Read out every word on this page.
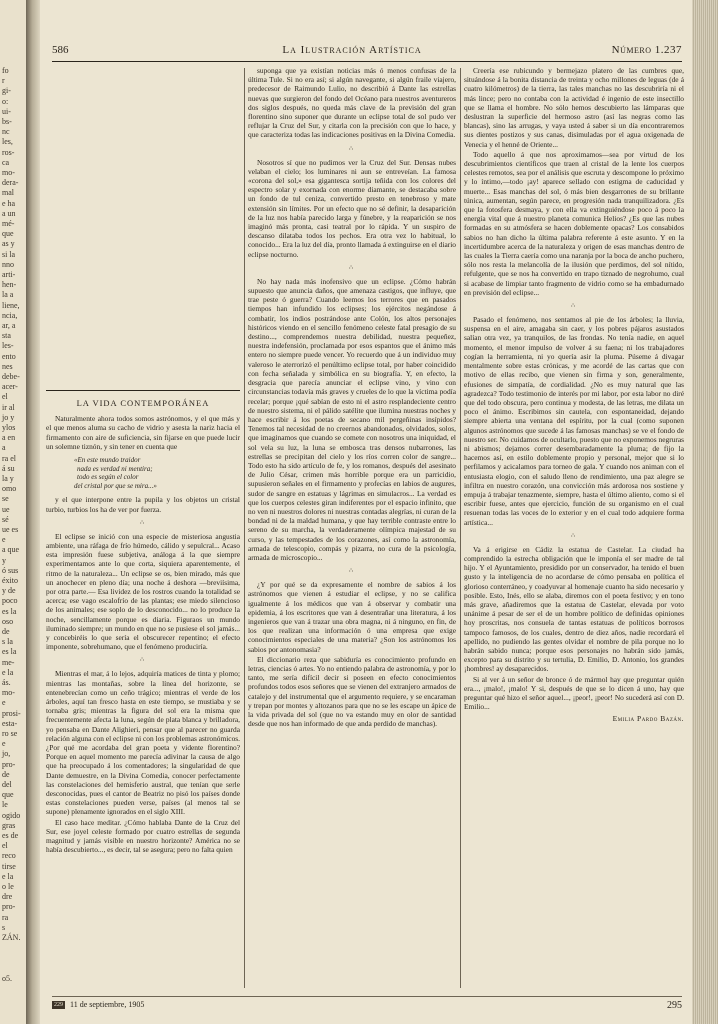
fo
r
gi-
o:
ui-
bs-
nc
les,
ros-
ca
mo-
dera-
mal
e ha
a un
mé-
que
as y
si la
nno
arti-
hen-
la a
liene,
ncia,
ar, a
sta
les-
ento
nes
debe-
acer-
el
ir al
jo y
ylos
a en
a
ra el
á su
la y
omo
se
ue
sé
ue es
e
a que
y
ó sus
éxito
y de
poco
es la
oso
de
s la
es la
me-
e la
ás.
mo-
e
prosi-
esta-
ro se
e
jo,
pro-
de
del
que
le
ogido
gras
es de
el
reco
tirse
e la
o le
dre
pro-
ra
s
ZÁN.
o5.
586	La Ilustración Artística	Número 1.237
LA VIDA CONTEMPORÁNEA

Naturalmente ahora todos somos astrónomos, y el que más y el que menos aluma su cacho de vidrio y asesta la nariz hacia el firmamento con aire de suficiencia, sin fijarse en que puede lucir un solemne tiznón, y sin tener en cuenta que

«En este mundo traidor
nada es verdad ni mentira;
todo es según el color
del cristal por que se mira...»

y el que interpone entre la pupila y los objetos un cristal turbio, turbios los ha de ver por fuerza.

∴

El eclipse se inició con una especie de misteriosa angustia ambiente, una ráfaga de frío húmedo, cálido y sepulcral... Acaso esta impresión fuese subjetiva, análoga á la que siempre experimentamos ante lo que corta, siquiera aparentemente, el ritmo de la naturaleza... Un eclipse se os, bien mirado, más que un anochecer en pleno día; una noche á deshora —breviísima, por otra parte.— Esa lividez de los rostros cuando la totalidad se acerca; ese vago escalofrío de las plantas; ese miedo silencioso de los animales; ese soplo de lo desconocido... no lo produce la noche, sencillamente porque es diaria. Figuraos un mundo iluminado siempre; un mundo en que no se pusiese el sol jamás... y concebiréis lo que sería el obscurecer repentino; el efecto imponente, sobrehumano, que el fenómeno produciría.

∴

Mientras el mar, á lo lejos, adquiría matices de tinta y plomo; mientras las montañas, sobre la línea del horizonte, se entenebrecían como un ceño trágico; mientras el verde de los árboles, aquí tan fresco hasta en este tiempo, se mustiaba y se tornaba gris; mientras la figura del sol era la misma que frecuentemente afecta la luna, según de plata blanca y brilladora, yo pensaba en Dante Alighieri, pensar que al parecer no guarda relación alguna con el eclipse ni con los problemas astronómicos. ¿Por qué me acordaba del gran poeta y vidente florentino? Porque en aquel momento me parecía adivinar la causa de algo que ha preocupado á los comentadores; la singularidad de que Dante demuestre, en la Divina Comedia, conocer perfectamente las constelaciones del hemisferio austral, que tenían que serle desconocidas, pues el cantor de Beatriz no pisó los países donde estas constelaciones pueden verse, países (al menos tal se supone) plenamente ignorados en el siglo XIII.

El caso hace meditar. ¿Cómo hablaba Dante de la Cruz del Sur, ese joyel celeste formado por cuatro estrellas de segunda magnitud y jamás visible en nuestro horizonte? América no se había descubierto..., es decir, tal se asegura; pero no falta quien

suponga que ya existían noticias más ó menos confusas de la última Tule. Si no era así; si algún navegante, si algún fraile viajero, predecesor de Raimundo Lulio, no describió á Dante las estrellas nuevas que surgieron del fondo del Océano para nuestros aventureros dos siglos después, no queda más clave de la previsión del gran florentino sino suponer que durante un eclipse total de sol pudo ver reflujar la Cruz del Sur, y citarla con la precisión con que lo hace, y que caracteriza todas las indicaciones positivas en la Divina Comedia.

∴

Nosotros sí que no pudimos ver la Cruz del Sur. Densas nubes velaban el cielo; los luminares ni aun se entreveían. La famosa «corona del sol,» esa gigantesca sortija teñida con los colores del espectro solar y exornada con enorme diamante, se destacaba sobre un fondo de tul ceniza, convertido presto en tenebroso y mate extensión sin límites. Por un efecto que no sé definir, la desaparición de la luz nos había parecido larga y fúnebre, y la reaparición se nos imaginó más pronta, casi teatral por lo rápida. Y un suspiro de descanso dilataba todos los pechos. Era otra vez lo habitual, lo conocido... Era la luz del día, pronto llamada á extinguirse en el diario eclipse nocturno.

∴

No hay nada más inofensivo que un eclipse. ¿Cómo habrán supuesto que anuncia daños, que amenaza castigos, que influye, que trae peste ó guerra? Cuando leemos los terrores que en pasados tiempos han infundido los eclipses; los ejércitos negándose á combatir, los indios postrándose ante Colón, los altos personajes históricos viendo en el sencillo fenómeno celeste fatal presagio de su destino..., comprendemos nuestra debilidad, nuestra pequeñez, nuestra indefensión, proclamada por esos espantos que el ánimo más entero no siempre puede vencer. Yo recuerdo que á un individuo muy valeroso le aterrorizó el penúltimo eclipse total, por haber coincidido con fecha señalada y simbólica en su biografía. Y, en efecto, la desgracia que parecía anunciar el eclipse vino, y vino con circunstancias todavía más graves y crueles de lo que la víctima podía recelar; porque ¡qué sabían de esto ni el astro resplandeciente centro de nuestro sistema, ni el pálido satélite que ilumina nuestras noches y hace escribir á los poetas de secano mil pergeñinas insípidos? Tenemos tal necesidad de no creernos abandonados, olvidados, solos, que imaginamos que cuando se comete con nosotros una iniquidad, el sol vela su luz, la luna se embosca tras densos nubarrones, las estrellas se precipitan del cielo y los ríos corren color de sangre... Todo esto ha sido artículo de fe, y los romanos, después del asesinato de Julio César, crimen más horrible porque era un parricidio, supusieron señales en el firmamento y profecías en labios de augures, sudor de sangre en estatuas y lágrimas en simulacros... La verdad es que los cuerpos celestes giran indiferentes por el espacio infinito, que no ven ni nuestros dolores ni nuestras contadas alegrías, ni curan de la bondad ni de la maldad humana, y que hay terrible contraste entre lo sereno de su marcha, la verdaderamente olímpica majestad de su curso, y las tempestades de los corazones, así como la astronomía, armada de telescopio, compás y pizarra, no cura de la psicología, armada de microscopio...

∴

¿Y por qué se da expresamente el nombre de sabios á los astrónomos que vienen á estudiar el eclipse, y no se califica igualmente á los médicos que van á observar y combatir una epidemia, á los escritores que van á desentrañar una literatura, á los ingenieros que van á trazar una obra magna, ni á ninguno, en fin, de los que realizan una información ó una empresa que exige conocimientos especiales de una materia? ¿Son los astrónomos los sabios por antonomasia?

El diccionario reza que sabiduría es conocimiento profundo en letras, ciencias ó artes. Yo no entiendo palabra de astronomía, y por lo tanto, me sería difícil decir si poseen en efecto conocimientos profundos todos esos señores que se vienen del extranjero armados de catalejo y del instrumental que el argumento requiere, y se encaraman y trepan por montes y altozanos para que no se les escape un ápice de la vida privada del sol (que no va estando muy en olor de santidad desde que nos han informado de que anda perdido de manchas).

Creería ese rubicundo y bermejazo platero de las cumbres que, situándose á la bonita distancia de treinta y ocho millones de leguas (de á cuatro kilómetros) de la tierra, las tales manchas no las descubriría ni el más lince; pero no contaba con la actividad é ingenio de este insectillo que se llama el hombre. No sólo hemos descubierto las lámparas que deslustran la superficie del hermoso astro (así las negras como las blancas), sino las arrugas, y vaya usted á saber si un día encontraremos sus dientes postizos y sus canas, disimuladas por el agua oxigenada de Venecia y el henné de Oriente...

Todo aquello á que nos aproximamos—sea por virtud de los descubrimientos científicos que traen al cristal de la lente los cuerpos celestes remotos, sea por el análisis que escruta y descompone lo próximo y lo íntimo,—todo ¡ay! aparece sellado con estigma de caducidad y muerte... Esas manchas del sol, ó más bien desgarrones de su brillante túnica, aumentan, según parece, en progresión nada tranquilizadora. ¿Es que la fotosfera desmaya, y con ella va extinguiéndose poco á poco la energía vital que á nuestro planeta comunica Helios? ¿Es que las nubes formadas en su atmósfera se hacen doblemente opacas? Los consabidos sabios no han dicho la última palabra referente á este asunto. Y en la incertidumbre acerca de la naturaleza y origen de esas manchas dentro de las cuales la Tierra caería como una naranja por la boca de ancho puchero, sólo nos resta la melancolía de la ilusión que perdimos, del sol nítido, refulgente, que se nos ha convertido en trapo tiznado de negrohumo, cual si acabase de limpiar tanto fragmento de vidrio como se ha embadurnado en previsión del eclipse...

∴

Pasado el fenómeno, nos sentamos al pie de los árboles; la lluvia, suspensa en el aire, amagaba sin caer, y los pobres pájaros asustados salían otra vez, ya tranquilos, de las frondas. No tenía nadie, en aquel momento, el menor impulso de volver á su faena; ni los trabajadores cogían la herramienta, ni yo quería asir la pluma. Púseme á divagar mentalmente sobre estas crónicas, y me acordé de las cartas que con motivo de ellas recibo, que vienen sin firma y son, generalmente, efusiones de simpatía, de cordialidad. ¿No es muy natural que las agradezca? Todo testimonio de interés por mi labor, por esta labor no diré que del todo obscura, pero continua y modesta, de las letras, me dilata un poco el ánimo. Escribimos sin cautela, con espontaneidad, dejando siempre abierta una ventana del espíritu, por la cual (como suponen algunos astrónomos que sucede á las famosas manchas) se ve el fondo de nuestro ser. No cuidamos de ocultarlo, puesto que no exponemos negruras ni abismos; dejamos correr desembaradamente la pluma; de fijo la hacemos así, en estilo doblemente propio y personal, mejor que si lo perfilamos y acicalamos para torneo de gala. Y cuando nos animan con el entusiasta elogio, con el saludo lleno de rendimiento, una paz alegre se infiltra en nuestro corazón, una convicción más ardorosa nos sostiene y empuja á trabajar tenazmente, siempre, hasta el último aliento, como si el escribir fuese, antes que ejercicio, función de su organismo en el cual resuenan todas las voces de lo exterior y en el cual todo adquiere forma artística...

∴

Va á erigirse en Cádiz la estatua de Castelar. La ciudad ha comprendido la estrecha obligación que le imponía el ser madre de tal hijo. Y el Ayuntamiento, presidido por un conservador, ha tenido el buen gusto y la inteligencia de no acordarse de cómo pensaba en política el glorioso conterráneo, y coadyuvar al homenaje cuanto ha sido necesario y posible. Esto, Inés, ello se alaba, diremos con el poeta festivo; y en tono más grave, añadiremos que la estatua de Castelar, elevada por voto unánime á pesar de ser el de un hombre político de definidas opiniones hoy proscritas, nos consuela de tantas estatuas de políticos borrosos tampoco famosos, de los cuales, dentro de diez años, nadie recordará el apellido, no pudiendo las gentes olvidar el nombre de pila porque no lo habrán sabido nunca; porque esos personajes no habrán sido jamás, excepto para su distrito y su tertulia, D. Emilio, D. Antonio, los grandes ¡hombres! ay desaparecidos.

Si al ver á un señor de bronce ó de mármol hay que preguntar quién era..., ¡malo!, ¡malo! Y si, después de que se lo dicen á uno, hay que preguntar qué hizo el señor aquel..., ¡peor!, ¡peor! No sucederá así con D. Emilio...

Emilia Pardo Bazán.
229 11 de septiembre, 1905	295
